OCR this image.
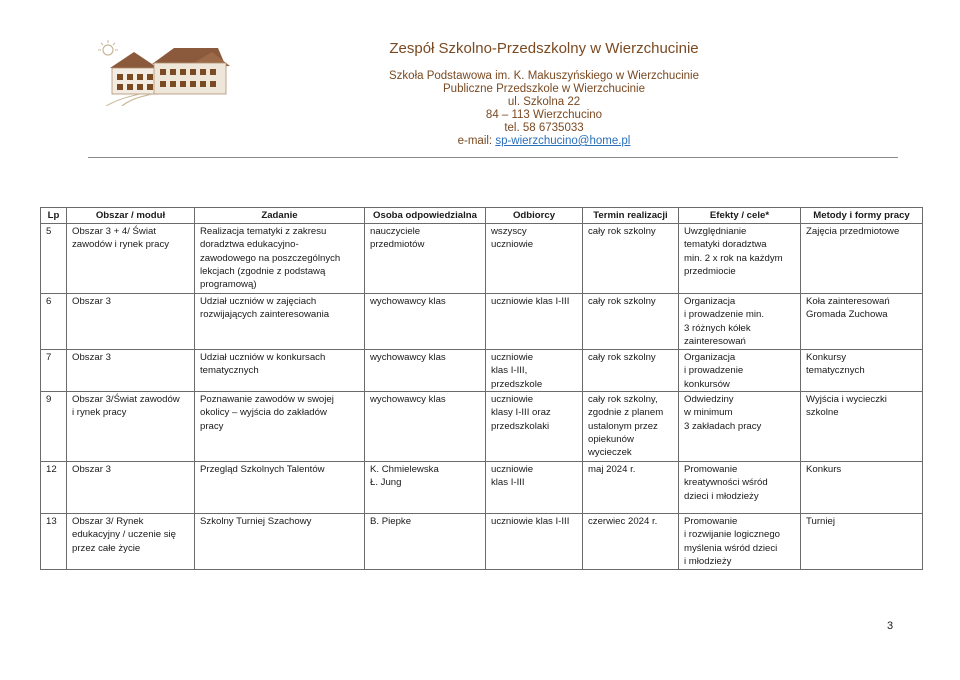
Zespół Szkolno-Przedszkolny w Wierzchucinie
Szkoła Podstawowa im. K. Makuszyńskiego w Wierzchucinie
Publiczne Przedszkole w Wierzchucinie
ul. Szkolna 22
84 – 113 Wierzchucino
tel. 58 6735033
e-mail: sp-wierzchucino@home.pl
Lp	Obszar / moduł	Zadanie	Osoba odpowiedzialna	Odbiorcy	Termin realizacji	Efekty / cele*	Metody i formy pracy
5	Obszar 3 + 4/ Świat
zawodów i rynek pracy	Realizacja tematyki z zakresu
doradztwa edukacyjno-
zawodowego na poszczególnych
lekcjach (zgodnie z podstawą
programową)	nauczyciele
przedmiotów	wszyscy
uczniowie	cały rok szkolny	Uwzględnianie
tematyki doradztwa
min. 2 x rok na każdym
przedmiocie	Zajęcia przedmiotowe
6	Obszar 3	Udział uczniów w zajęciach
rozwijających zainteresowania	wychowawcy klas	uczniowie klas I-III	cały rok szkolny	Organizacja
i prowadzenie min.
3 różnych kółek
zainteresowań	Koła zainteresowań
Gromada Zuchowa
7	Obszar 3	Udział uczniów w konkursach
tematycznych	wychowawcy klas	uczniowie
klas I-III,
przedszkole	cały rok szkolny	Organizacja
i prowadzenie
konkursów	Konkursy
tematycznych
9	Obszar 3/Świat zawodów
i rynek pracy	Poznawanie zawodów w swojej
okolicy – wyjścia do zakładów
pracy	wychowawcy klas	uczniowie
klasy I-III oraz
przedszkolaki	cały rok szkolny,
zgodnie z planem
ustalonym przez
opiekunów
wycieczek	Odwiedziny
w minimum
3 zakładach pracy	Wyjścia i wycieczki
szkolne
12	Obszar 3	Przegląd Szkolnych Talentów	K. Chmielewska
Ł. Jung	uczniowie
klas I-III	maj 2024 r.	Promowanie
kreatywności wśród
dzieci i młodzieży	Konkurs
13	Obszar 3/ Rynek
edukacyjny / uczenie się
przez całe życie	Szkolny Turniej Szachowy	B. Piepke	uczniowie klas I-III	czerwiec 2024 r.	Promowanie
i rozwijanie logicznego
myślenia wśród dzieci
i młodzieży	Turniej
3
